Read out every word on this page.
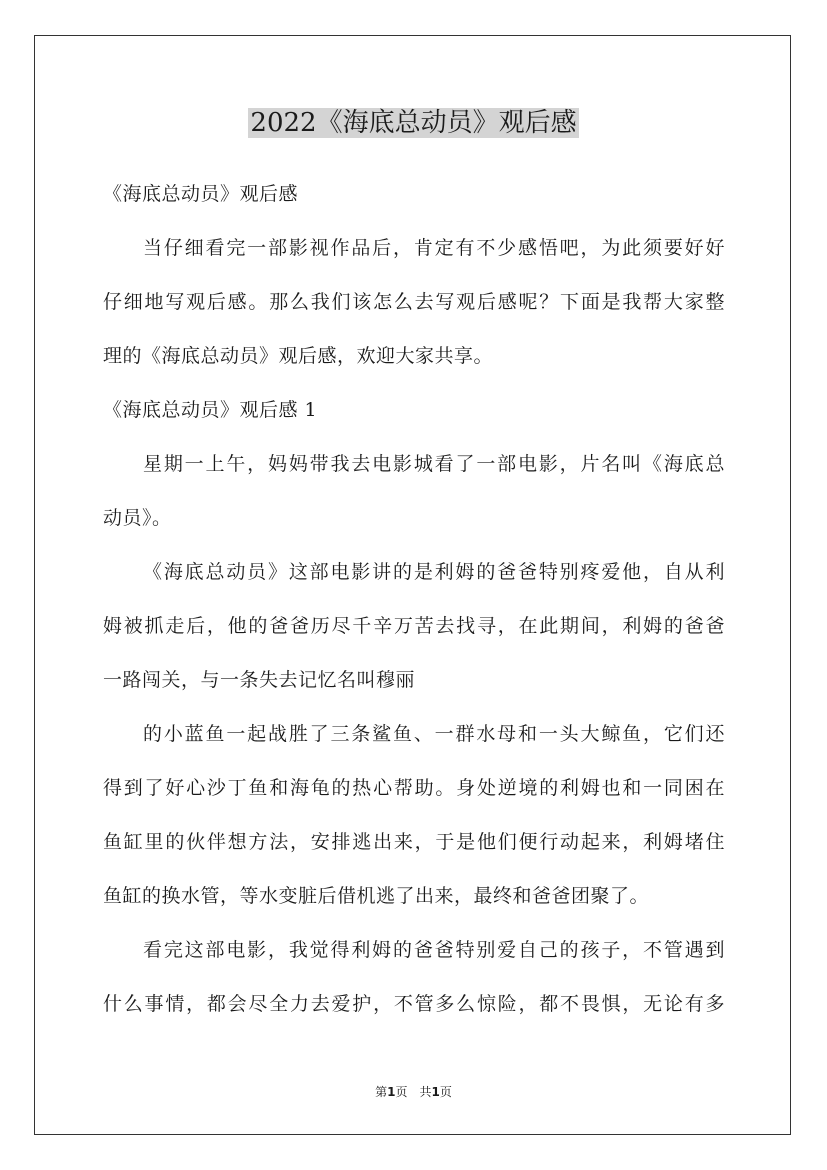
2022《海底总动员》观后感
《海底总动员》观后感
当仔细看完一部影视作品后，肯定有不少感悟吧，为此须要好好
仔细地写观后感。那么我们该怎么去写观后感呢？下面是我帮大家整
理的《海底总动员》观后感，欢迎大家共享。
《海底总动员》观后感 1
星期一上午，妈妈带我去电影城看了一部电影，片名叫《海底总
动员》。
《海底总动员》这部电影讲的是利姆的爸爸特别疼爱他，自从利
姆被抓走后，他的爸爸历尽千辛万苦去找寻，在此期间，利姆的爸爸
一路闯关，与一条失去记忆名叫穆丽
的小蓝鱼一起战胜了三条鲨鱼、一群水母和一头大鲸鱼，它们还
得到了好心沙丁鱼和海龟的热心帮助。身处逆境的利姆也和一同困在
鱼缸里的伙伴想方法，安排逃出来，于是他们便行动起来，利姆堵住
鱼缸的换水管，等水变脏后借机逃了出来，最终和爸爸团聚了。
看完这部电影，我觉得利姆的爸爸特别爱自己的孩子，不管遇到
什么事情，都会尽全力去爱护，不管多么惊险，都不畏惧，无论有多
第1页　共1页
